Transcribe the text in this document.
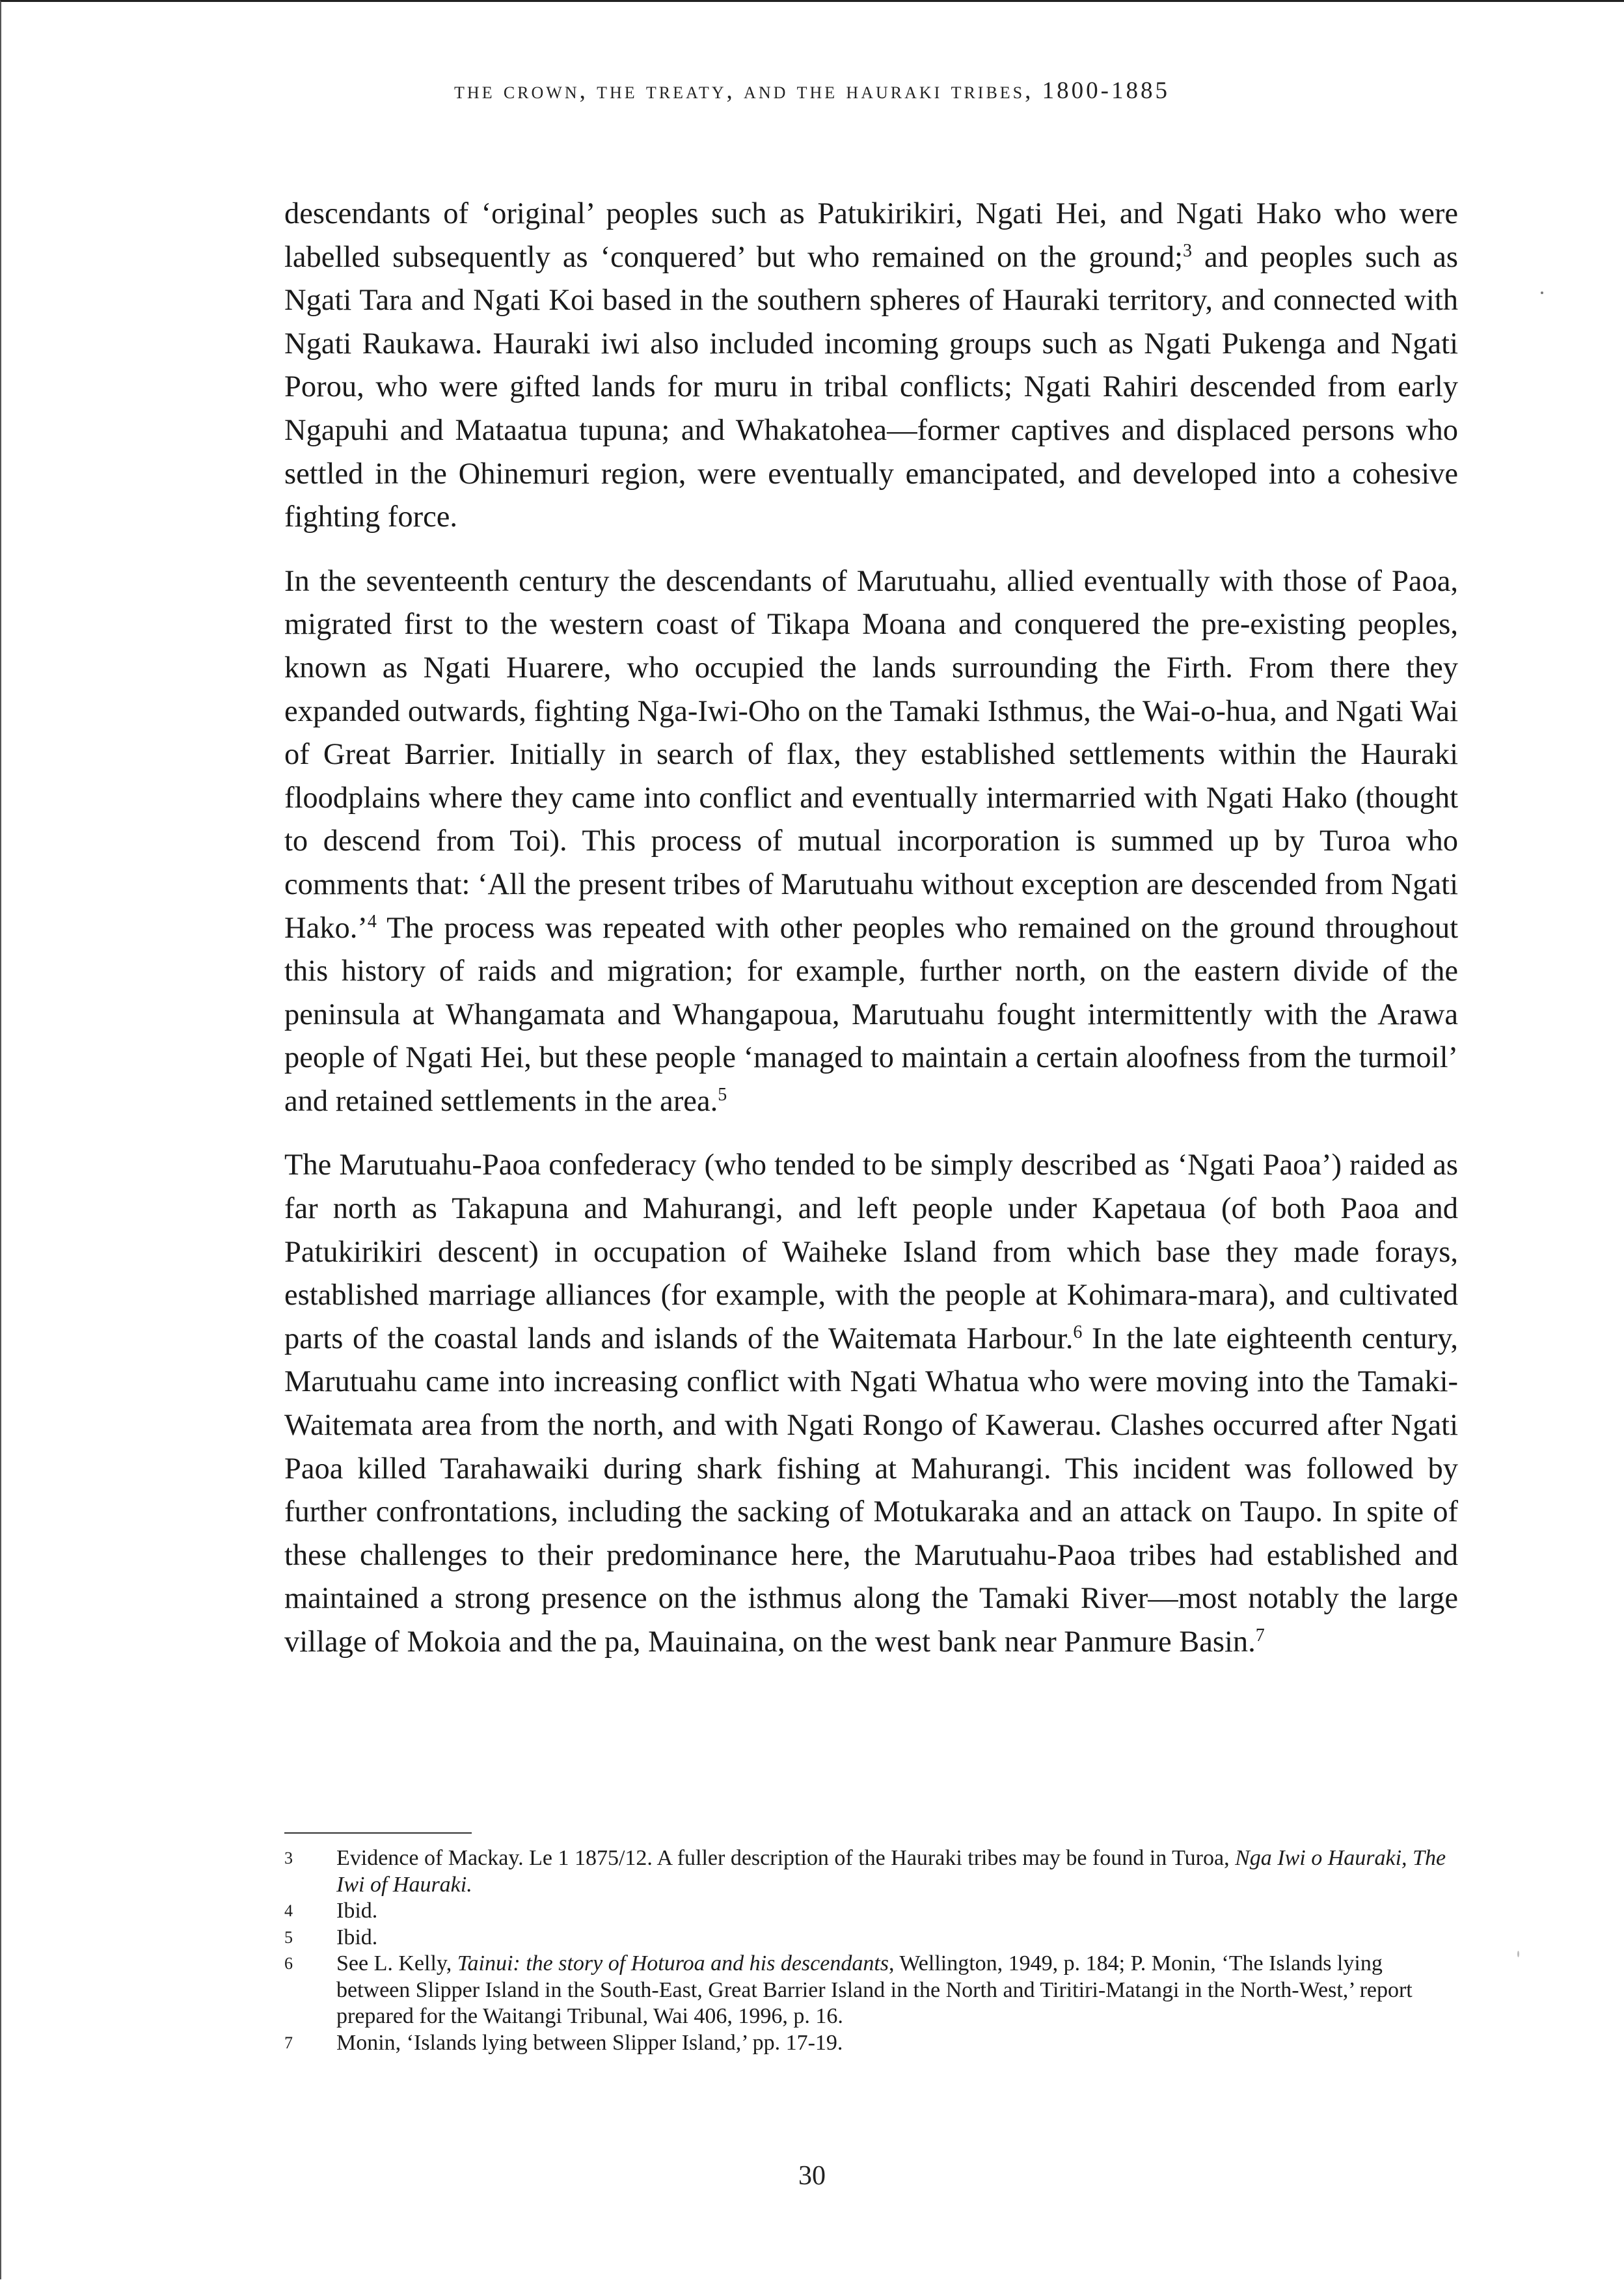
the crown, the treaty, and the hauraki tribes, 1800-1885

descendants of ‘original’ peoples such as Patukirikiri, Ngati Hei, and Ngati Hako who were labelled subsequently as ‘conquered’ but who remained on the ground;$^3$ and peoples such as Ngati Tara and Ngati Koi based in the southern spheres of Hauraki territory, and connected with Ngati Raukawa. Hauraki iwi also included incoming groups such as Ngati Pukenga and Ngati Porou, who were gifted lands for muru in tribal conflicts; Ngati Rahiri descended from early Ngapuhi and Mataatua tupuna; and Whakatohea—former captives and displaced persons who settled in the Ohinemuri region, were eventually emancipated, and developed into a cohesive fighting force.

In the seventeenth century the descendants of Marutuahu, allied eventually with those of Paoa, migrated first to the western coast of Tikapa Moana and conquered the pre-existing peoples, known as Ngati Huarere, who occupied the lands surrounding the Firth. From there they expanded outwards, fighting Nga-Iwi-Oho on the Tamaki Isthmus, the Wai-o-hua, and Ngati Wai of Great Barrier. Initially in search of flax, they established settlements within the Hauraki floodplains where they came into conflict and eventually intermarried with Ngati Hako (thought to descend from Toi). This process of mutual incorporation is summed up by Turoa who comments that: ‘All the present tribes of Marutuahu without exception are descended from Ngati Hako.’$^4$ The process was repeated with other peoples who remained on the ground throughout this history of raids and migration; for example, further north, on the eastern divide of the peninsula at Whangamata and Whangapoua, Marutuahu fought intermittently with the Arawa people of Ngati Hei, but these people ‘managed to maintain a certain aloofness from the turmoil’ and retained settlements in the area.$^5$

The Marutuahu-Paoa confederacy (who tended to be simply described as ‘Ngati Paoa’) raided as far north as Takapuna and Mahurangi, and left people under Kapetaua (of both Paoa and Patukirikiri descent) in occupation of Waiheke Island from which base they made forays, established marriage alliances (for example, with the people at Kohimara-mara), and cultivated parts of the coastal lands and islands of the Waitemata Harbour.$^6$ In the late eighteenth century, Marutuahu came into increasing conflict with Ngati Whatua who were moving into the Tamaki-Waitemata area from the north, and with Ngati Rongo of Kawerau. Clashes occurred after Ngati Paoa killed Tarahawaiki during shark fishing at Mahurangi. This incident was followed by further confrontations, including the sacking of Motukaraka and an attack on Taupo. In spite of these challenges to their predominance here, the Marutuahu-Paoa tribes had established and maintained a strong presence on the isthmus along the Tamaki River—most notably the large village of Mokoia and the pa, Mauinaina, on the west bank near Panmure Basin.$^7$

3	Evidence of Mackay. Le 1 1875/12. A fuller description of the Hauraki tribes may be found in Turoa, Nga Iwi o Hauraki, The Iwi of Hauraki.
4	Ibid.
5	Ibid.
6	See L. Kelly, Tainui: the story of Hoturoa and his descendants, Wellington, 1949, p. 184; P. Monin, ‘The Islands lying between Slipper Island in the South-East, Great Barrier Island in the North and Tiritiri-Matangi in the North-West,’ report prepared for the Waitangi Tribunal, Wai 406, 1996, p. 16.
7	Monin, ‘Islands lying between Slipper Island,’ pp. 17-19.
30
